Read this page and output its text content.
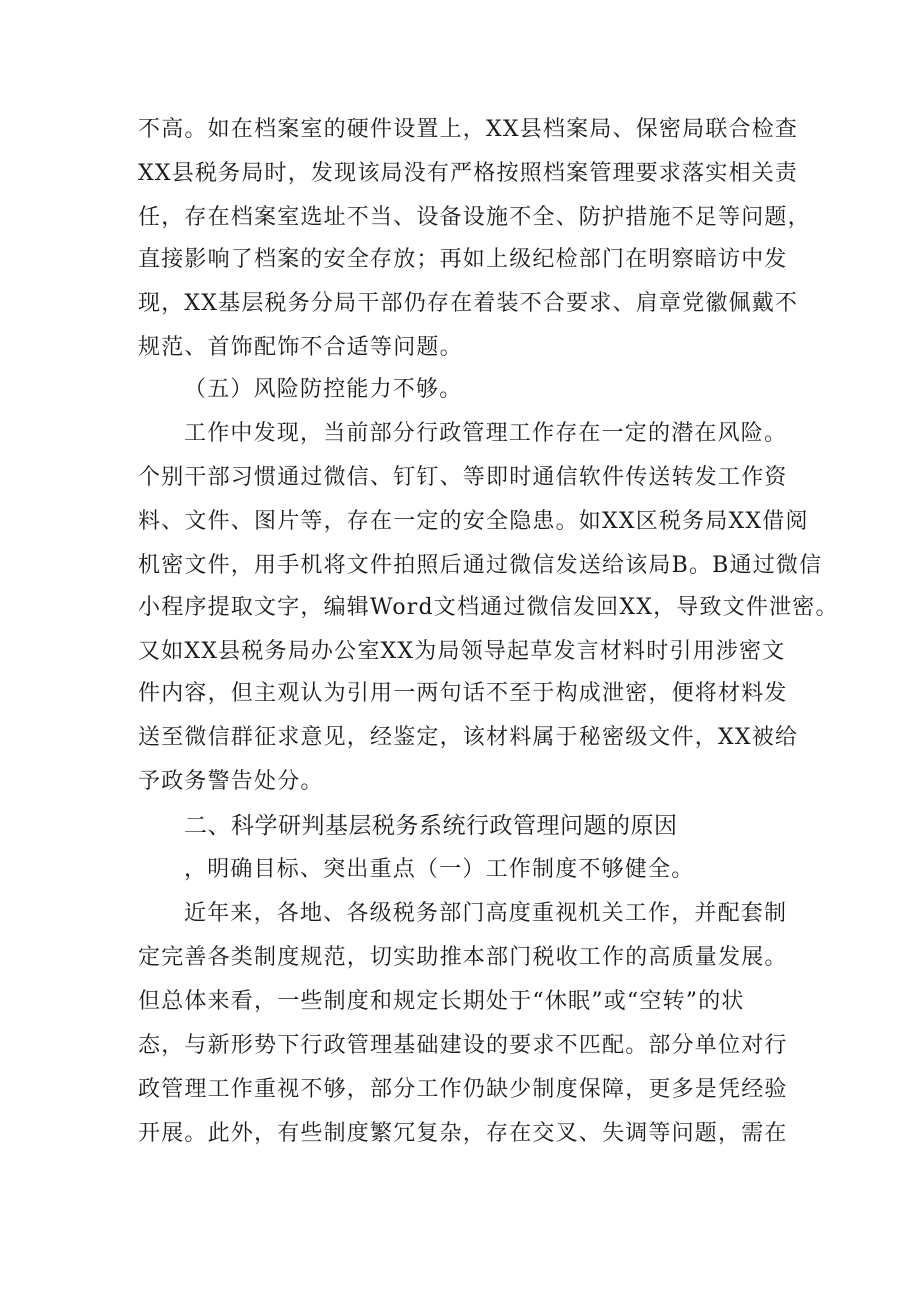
不高。如在档案室的硬件设置上，XX县档案局、保密局联合检查
XX县税务局时，发现该局没有严格按照档案管理要求落实相关责
任，存在档案室选址不当、设备设施不全、防护措施不足等问题，
直接影响了档案的安全存放；再如上级纪检部门在明察暗访中发
现，XX基层税务分局干部仍存在着装不合要求、肩章党徽佩戴不
规范、首饰配饰不合适等问题。
（五）风险防控能力不够。
工作中发现，当前部分行政管理工作存在一定的潜在风险。
个别干部习惯通过微信、钉钉、等即时通信软件传送转发工作资
料、文件、图片等，存在一定的安全隐患。如XX区税务局XX借阅
机密文件，用手机将文件拍照后通过微信发送给该局B。B通过微信
小程序提取文字，编辑Word文档通过微信发回XX，导致文件泄密。
又如XX县税务局办公室XX为局领导起草发言材料时引用涉密文
件内容，但主观认为引用一两句话不至于构成泄密，便将材料发
送至微信群征求意见，经鉴定，该材料属于秘密级文件，XX被给
予政务警告处分。
二、科学研判基层税务系统行政管理问题的原因
，明确目标、突出重点（一）工作制度不够健全。
近年来，各地、各级税务部门高度重视机关工作，并配套制
定完善各类制度规范，切实助推本部门税收工作的高质量发展。
但总体来看，一些制度和规定长期处于“休眠”或“空转”的状
态，与新形势下行政管理基础建设的要求不匹配。部分单位对行
政管理工作重视不够，部分工作仍缺少制度保障，更多是凭经验
开展。此外，有些制度繁冗复杂，存在交叉、失调等问题，需在
